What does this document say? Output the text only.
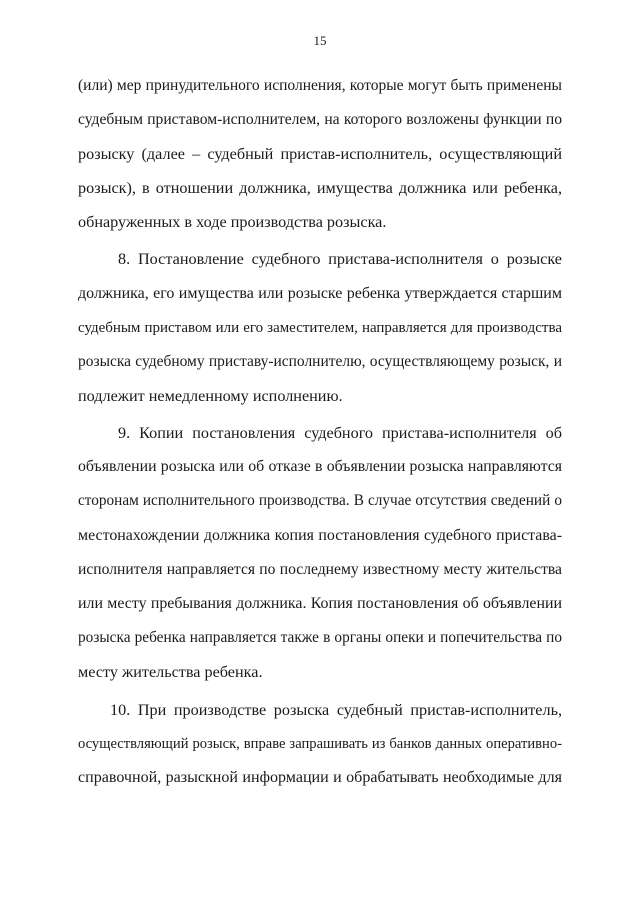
15
(или) мер принудительного исполнения, которые могут быть применены
судебным приставом-исполнителем, на которого возложены функции по
розыску (далее – судебный пристав-исполнитель, осуществляющий
розыск), в отношении должника, имущества должника или ребенка,
обнаруженных в ходе производства розыска.
8. Постановление судебного пристава-исполнителя о розыске
должника, его имущества или розыске ребенка утверждается старшим
судебным приставом или его заместителем, направляется для производства
розыска судебному приставу-исполнителю, осуществляющему розыск, и
подлежит немедленному исполнению.
9. Копии постановления судебного пристава-исполнителя об
объявлении розыска или об отказе в объявлении розыска направляются
сторонам исполнительного производства. В случае отсутствия сведений о
местонахождении должника копия постановления судебного пристава-
исполнителя направляется по последнему известному месту жительства
или месту пребывания должника. Копия постановления об объявлении
розыска ребенка направляется также в органы опеки и попечительства по
месту жительства ребенка.
10. При производстве розыска судебный пристав-исполнитель,
осуществляющий розыск, вправе запрашивать из банков данных оперативно-
справочной, разыскной информации и обрабатывать необходимые для
